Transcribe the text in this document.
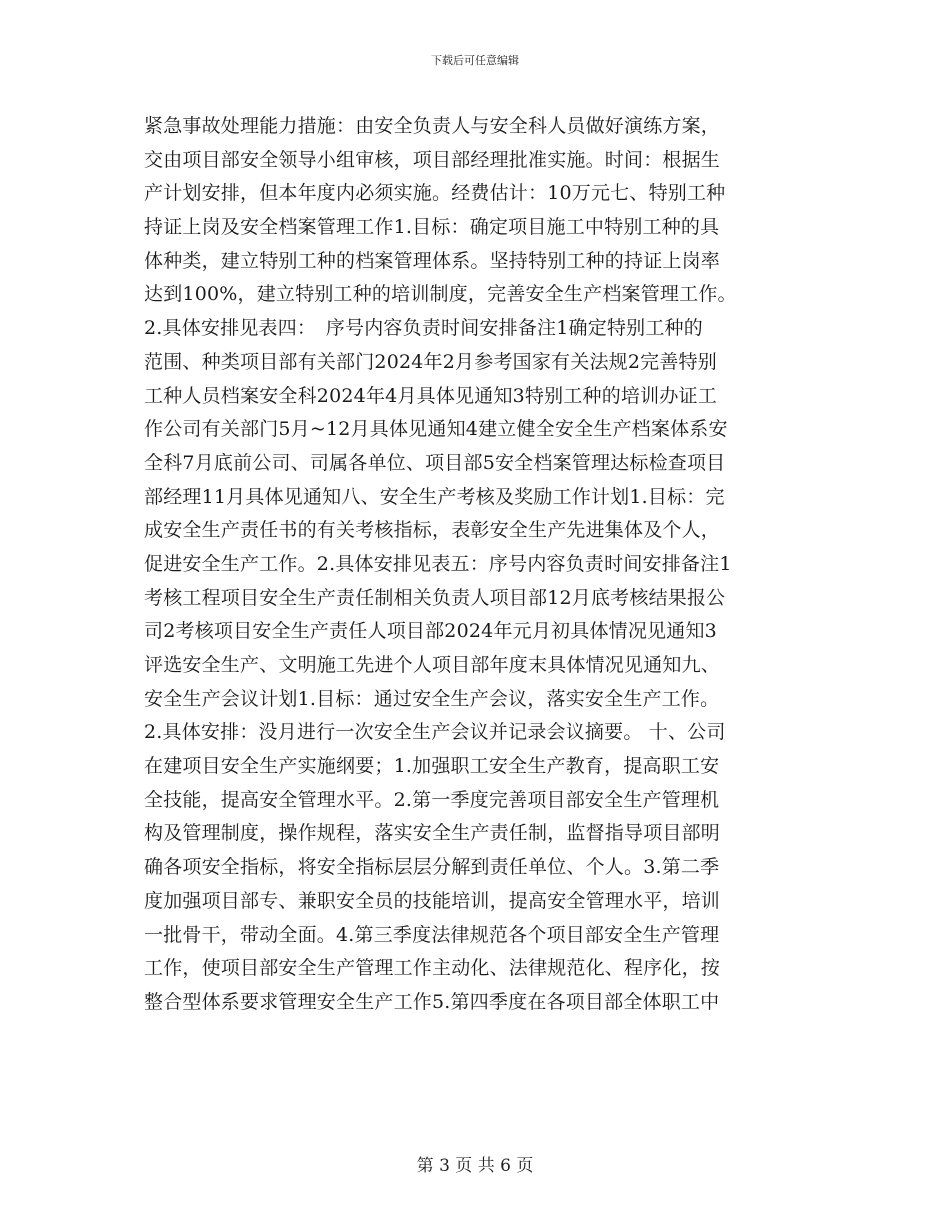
下载后可任意编辑
紧急事故处理能力措施：由安全负责人与安全科人员做好演练方案，
交由项目部安全领导小组审核，项目部经理批准实施。时间：根据生
产计划安排，但本年度内必须实施。经费估计：10万元七、特别工种
持证上岗及安全档案管理工作1.目标：确定项目施工中特别工种的具
体种类，建立特别工种的档案管理体系。坚持特别工种的持证上岗率
达到100%，建立特别工种的培训制度，完善安全生产档案管理工作。
2.具体安排见表四：　序号内容负责时间安排备注1确定特别工种的
范围、种类项目部有关部门2024年2月参考国家有关法规2完善特别
工种人员档案安全科2024年4月具体见通知3特别工种的培训办证工
作公司有关部门5月~12月具体见通知4建立健全安全生产档案体系安
全科7月底前公司、司属各单位、项目部5安全档案管理达标检查项目
部经理11月具体见通知八、安全生产考核及奖励工作计划1.目标：完
成安全生产责任书的有关考核指标，表彰安全生产先进集体及个人，
促进安全生产工作。2.具体安排见表五：序号内容负责时间安排备注1
考核工程项目安全生产责任制相关负责人项目部12月底考核结果报公
司2考核项目安全生产责任人项目部2024年元月初具体情况见通知3
评选安全生产、文明施工先进个人项目部年度末具体情况见通知九、
安全生产会议计划1.目标：通过安全生产会议，落实安全生产工作。
2.具体安排：没月进行一次安全生产会议并记录会议摘要。 十、公司
在建项目安全生产实施纲要；1.加强职工安全生产教育，提高职工安
全技能，提高安全管理水平。2.第一季度完善项目部安全生产管理机
构及管理制度，操作规程，落实安全生产责任制，监督指导项目部明
确各项安全指标，将安全指标层层分解到责任单位、个人。3.第二季
度加强项目部专、兼职安全员的技能培训，提高安全管理水平，培训
一批骨干，带动全面。4.第三季度法律规范各个项目部安全生产管理
工作，使项目部安全生产管理工作主动化、法律规范化、程序化，按
整合型体系要求管理安全生产工作5.第四季度在各项目部全体职工中
第 3 页 共 6 页
